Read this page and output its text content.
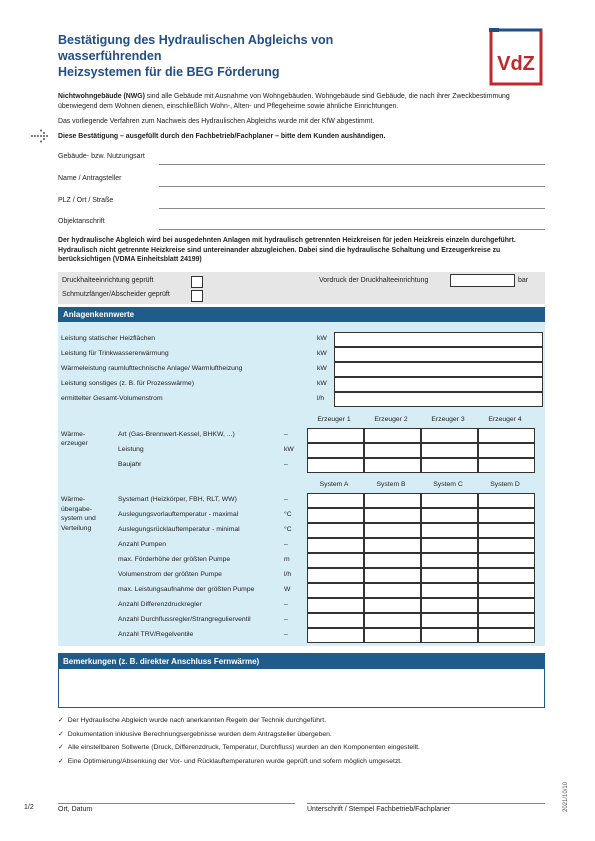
Bestätigung des Hydraulischen Abgleichs von wasserführenden
Heizsystemen für die BEG Förderung	VdZ

Nichtwohngebäude (NWG) sind alle Gebäude mit Ausnahme von Wohngebäuden. Wohngebäude sind Gebäude, die nach ihrer Zweckbestimmung überwiegend dem Wohnen dienen, einschließlich Wohn-, Alten- und Pflegeheime sowie ähnliche Einrichtungen.

Das vorliegende Verfahren zum Nachweis des Hydraulischen Abgleichs wurde mit der KfW abgestimmt.

Diese Bestätigung – ausgefüllt durch den Fachbetrieb/Fachplaner – bitte dem Kunden aushändigen.

Gebäude- bzw. Nutzungsart
Name / Antragsteller
PLZ / Ort / Straße
Objektanschrift
Der hydraulische Abgleich wird bei ausgedehnten Anlagen mit hydraulisch getrennten Heizkreisen für jeden Heizkreis einzeln durchgeführt. Hydraulisch nicht getrennte Heizkreise sind untereinander abzugleichen. Dabei sind die hydraulische Schaltung und Erzeugerkreise zu berücksichtigen (VDMA Einheitsblatt 24199)
Druckhalteeinrichtung geprüft
Schmutzfänger/Abscheider geprüft
Vordruck der Druckhalteeinrichtung	bar
Anlagenkennwerte
Leistung statischer Heizflächen	kW
Leistung für Trinkwassererwärmung	kW
Wärmeleistung raumlufttechnische Anlage/ Warmluftheizung	kW
Leistung sonstiges (z. B. für Prozesswärme)	kW
ermittelter Gesamt-Volumenstrom	l/h
Erzeuger 1	Erzeuger 2	Erzeuger 3	Erzeuger 4
Wärme-
erzeuger
Art (Gas-Brennwert-Kessel, BHKW, ...)	–
Leistung	kW
Baujahr	–
System A	System B	System C	System D
Wärme-
übergabe-
system und
Verteilung
Systemart (Heizkörper, FBH, RLT, WW)	–
Auslegungsvorlauftemperatur - maximal	°C
Auslegungsrücklauftemperatur - minimal	°C
Anzahl Pumpen	–
max. Förderhöhe der größten Pumpe	m
Volumenstrom der größten Pumpe	l/h
max. Leistungsaufnahme der größten Pumpe	W
Anzahl Differenzdruckregler	–
Anzahl Durchflussregler/Strangregulierventil	–
Anzahl TRV/Regelventile	–
Bemerkungen (z. B. direkter Anschluss Fernwärme)
✓ Der Hydraulische Abgleich wurde nach anerkannten Regeln der Technik durchgeführt.
✓ Dokumentation inklusive Berechnungsergebnisse wurden dem Antragsteller übergeben.
✓ Alle einstellbaren Sollwerte (Druck, Differenzdruck, Temperatur, Durchfluss) wurden an den Komponenten eingestellt.
✓ Eine Optimierung/Absenkung der Vor- und Rücklauftemperaturen wurde geprüft und sofern möglich umgesetzt.
1/2	Ort, Datum	Unterschrift / Stempel Fachbetrieb/Fachplaner	2021/10/10
